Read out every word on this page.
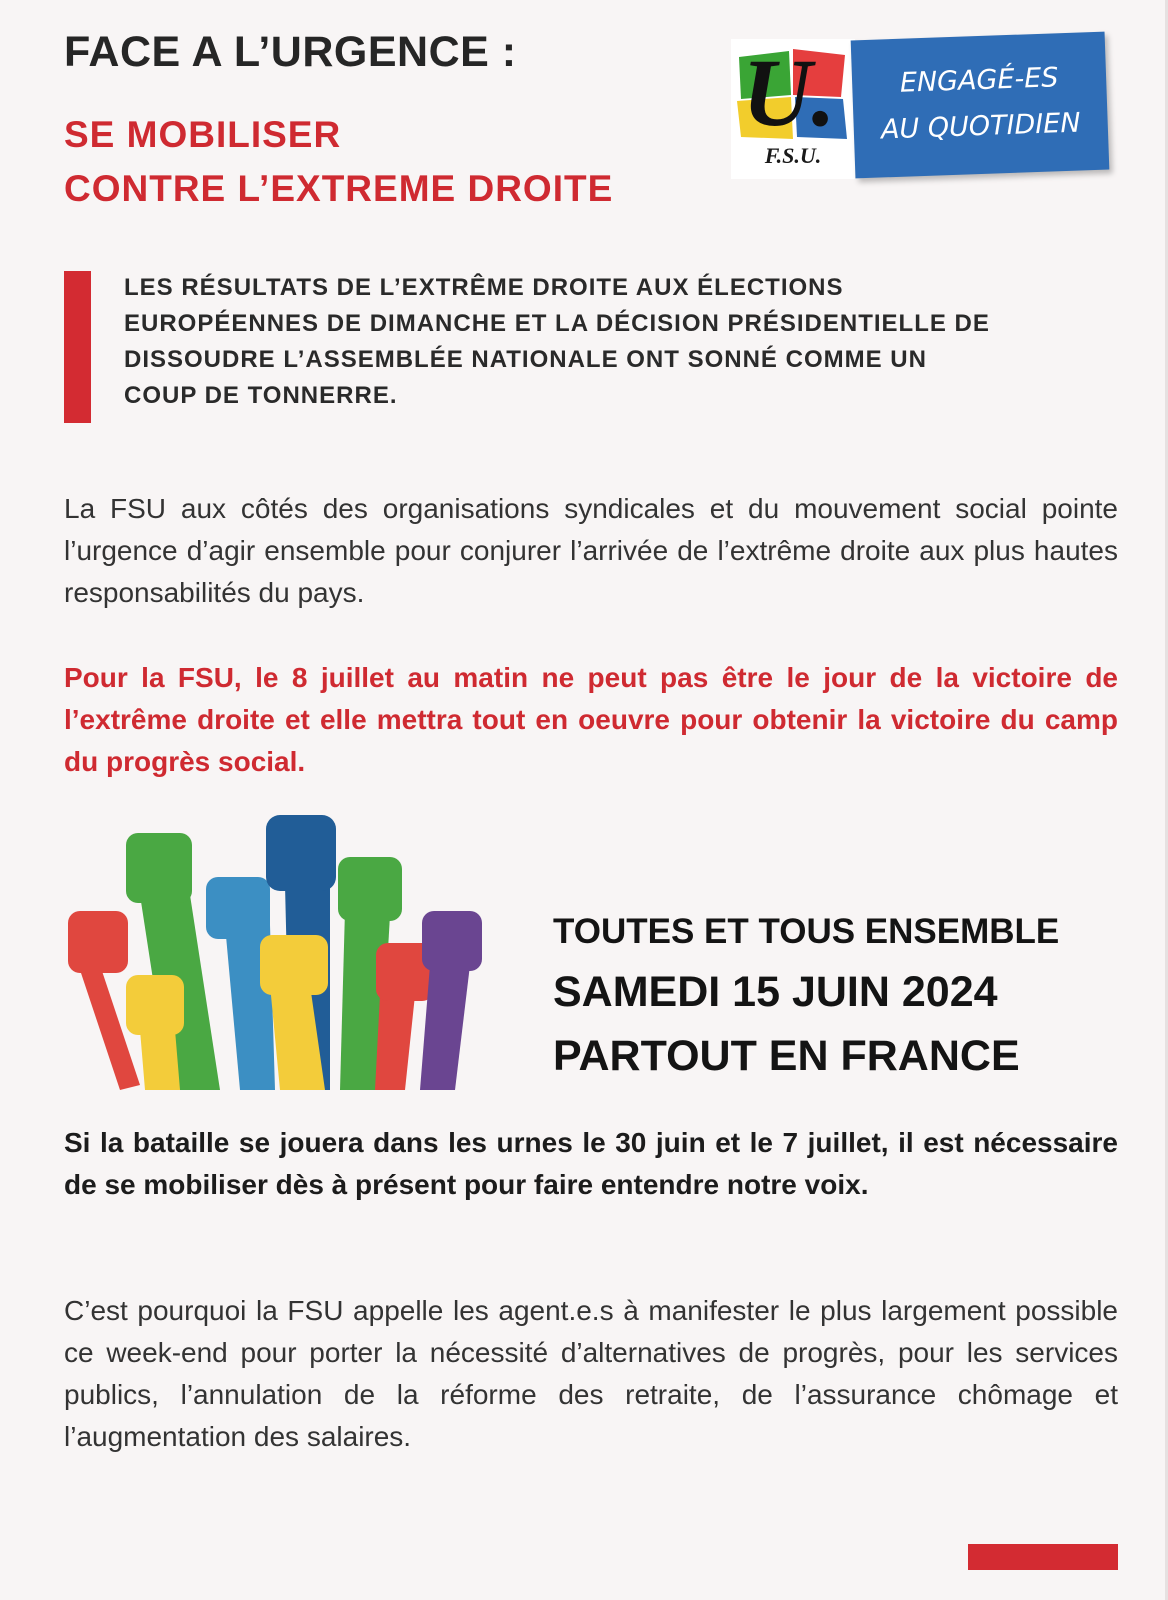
FACE A L’URGENCE :
SE MOBILISER
CONTRE L’EXTREME DROITE
U.
F.S.U.
ENGAGÉ-ES
AU QUOTIDIEN
LES RÉSULTATS DE L’EXTRÊME DROITE AUX ÉLECTIONS
EUROPÉENNES DE DIMANCHE ET LA DÉCISION PRÉSIDENTIELLE DE
DISSOUDRE L’ASSEMBLÉE NATIONALE ONT SONNÉ COMME UN
COUP DE TONNERRE.

La FSU aux côtés des organisations syndicales et du mouvement social pointe l’urgence d’agir ensemble pour conjurer l’arrivée de l’extrême droite aux plus hautes responsabilités du pays.

Pour la FSU, le 8 juillet au matin ne peut pas être le jour de la victoire de l’extrême droite et elle mettra tout en oeuvre pour obtenir la victoire du camp du progrès social.

TOUTES ET TOUS ENSEMBLE
SAMEDI 15 JUIN 2024
PARTOUT EN FRANCE

Si la bataille se jouera dans les urnes le 30 juin et le 7 juillet, il est nécessaire de se mobiliser dès à présent pour faire entendre notre voix.

C’est pourquoi la FSU appelle les agent.e.s à manifester le plus largement possible ce week-end pour porter la nécessité d’alternatives de progrès, pour les services publics, l’annulation de la réforme des retraite, de l’assurance chômage et l’augmentation des salaires.
